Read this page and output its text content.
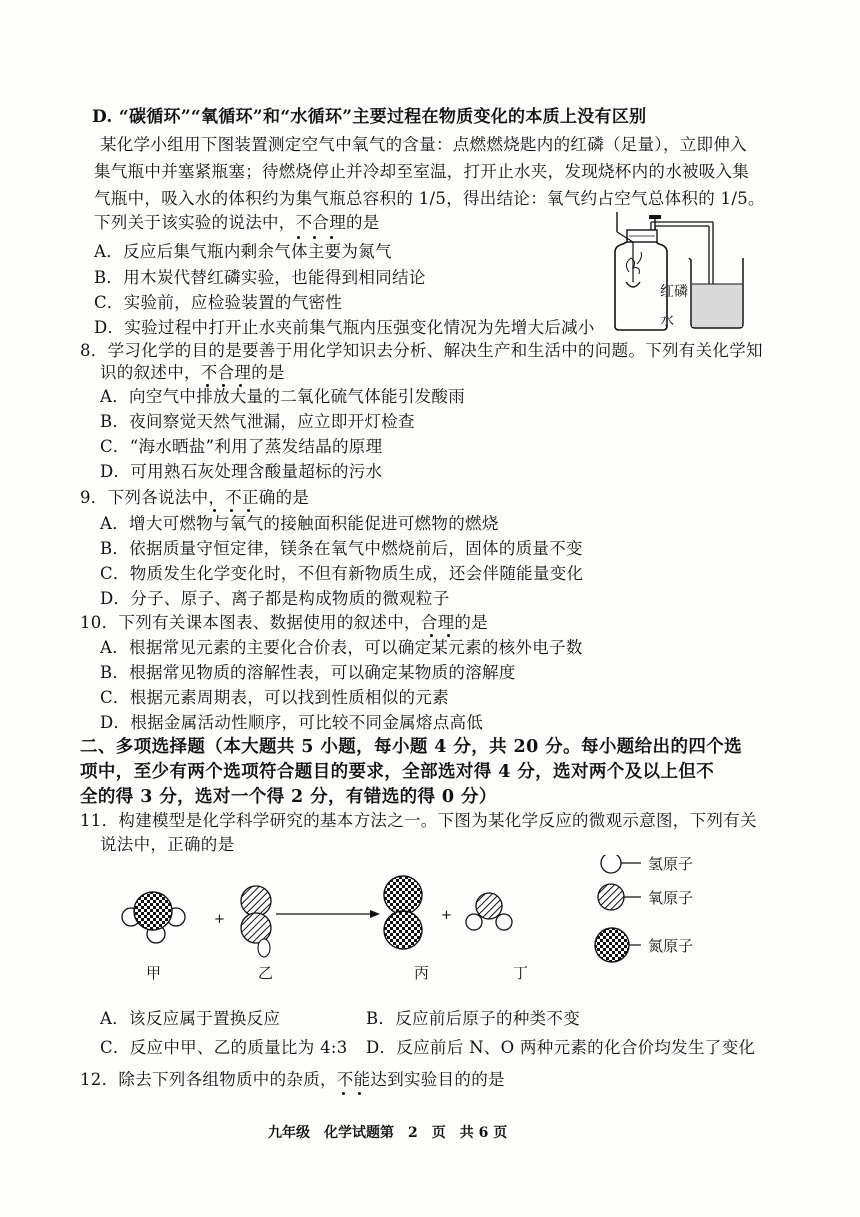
D. “碳循环”“氧循环”和“水循环”主要过程在物质变化的本质上没有区别
某化学小组用下图装置测定空气中氧气的含量：点燃燃烧匙内的红磷（足量），立即伸入
集气瓶中并塞紧瓶塞；待燃烧停止并冷却至室温，打开止水夹，发现烧杯内的水被吸入集
气瓶中，吸入水的体积约为集气瓶总容积的 1/5，得出结论：氧气约占空气总体积的 1/5。
下列关于该实验的说法中，不合理的是
A．反应后集气瓶内剩余气体主要为氮气
B．用木炭代替红磷实验，也能得到相同结论
C．实验前，应检验装置的气密性
D．实验过程中打开止水夹前集气瓶内压强变化情况为先增大后减小
红磷
水
8．学习化学的目的是要善于用化学知识去分析、解决生产和生活中的问题。下列有关化学知
识的叙述中，不合理的是
A．向空气中排放大量的二氧化硫气体能引发酸雨
B．夜间察觉天然气泄漏，应立即开灯检查
C．“海水晒盐”利用了蒸发结晶的原理
D．可用熟石灰处理含酸量超标的污水
9．下列各说法中，不正确的是
A．增大可燃物与氧气的接触面积能促进可燃物的燃烧
B．依据质量守恒定律，镁条在氧气中燃烧前后，固体的质量不变
C．物质发生化学变化时，不但有新物质生成，还会伴随能量变化
D．分子、原子、离子都是构成物质的微观粒子
10．下列有关课本图表、数据使用的叙述中，合理的是
A．根据常见元素的主要化合价表，可以确定某元素的核外电子数
B．根据常见物质的溶解性表，可以确定某物质的溶解度
C．根据元素周期表，可以找到性质相似的元素
D．根据金属活动性顺序，可比较不同金属熔点高低
二、多项选择题（本大题共 5 小题，每小题 4 分，共 20 分。每小题给出的四个选
项中，至少有两个选项符合题目的要求，全部选对得 4 分，选对两个及以上但不
全的得 3 分，选对一个得 2 分，有错选的得 0 分）
11．构建模型是化学科学研究的基本方法之一。下图为某化学反应的微观示意图，下列有关
说法中，正确的是
+	+
氢原子
氧原子
氮原子
甲	乙	丙	丁
A．该反应属于置换反应	B．反应前后原子的种类不变
C．反应中甲、乙的质量比为 4:3 D．反应前后 N、O 两种元素的化合价均发生了变化
12．除去下列各组物质中的杂质，不能达到实验目的的是
九年级　化学试题第　2　页　共 6 页
